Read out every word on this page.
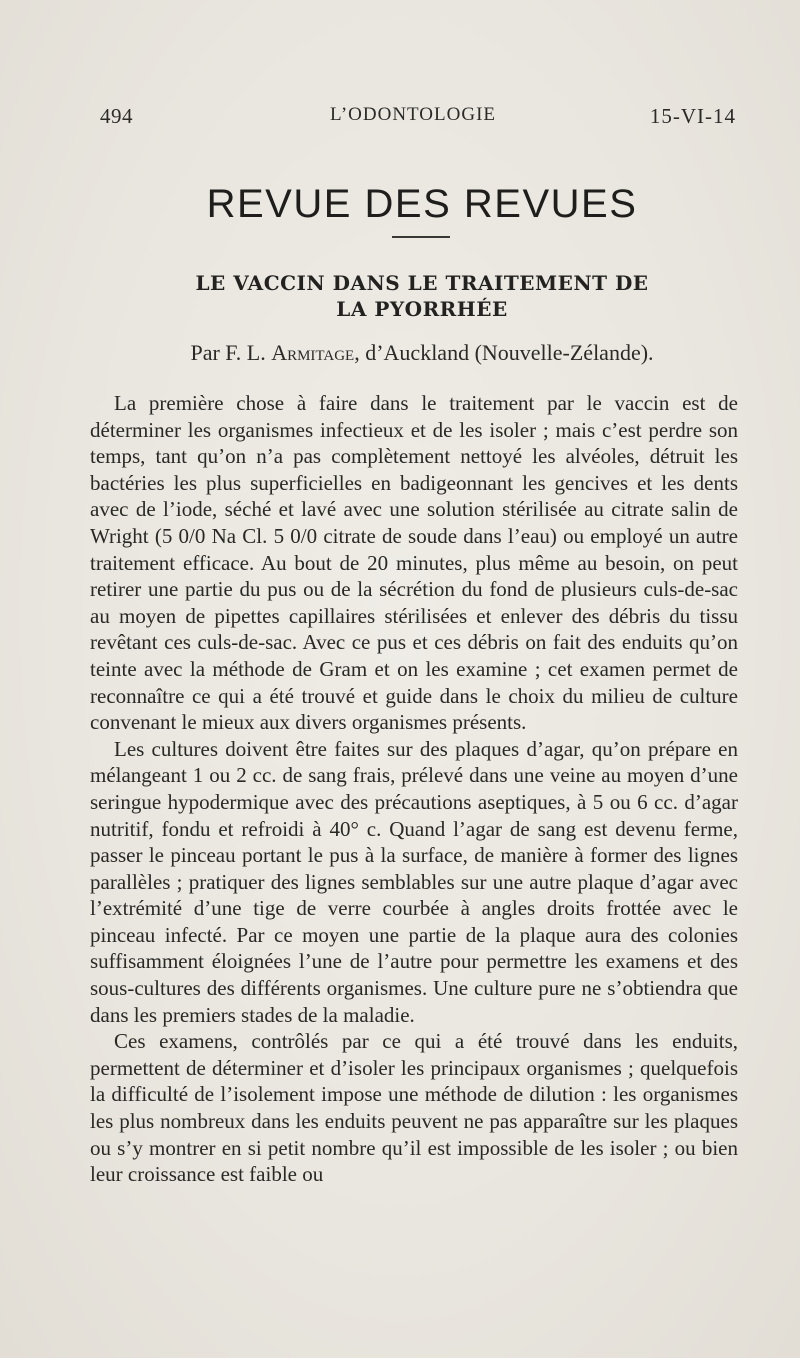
494	L’ODONTOLOGIE	15-VI-14
REVUE DES REVUES
LE VACCIN DANS LE TRAITEMENT DE
LA PYORRHÉE
Par F. L. Armitage, d’Auckland (Nouvelle-Zélande).

La première chose à faire dans le traitement par le vaccin est de déterminer les organismes infectieux et de les isoler ; mais c’est perdre son temps, tant qu’on n’a pas complètement nettoyé les alvéoles, détruit les bactéries les plus superficielles en badigeonnant les gencives et les dents avec de l’iode, séché et lavé avec une solution stérilisée au citrate salin de Wright (5 0/0 Na Cl. 5 0/0 citrate de soude dans l’eau) ou employé un autre traitement efficace. Au bout de 20 minutes, plus même au besoin, on peut retirer une partie du pus ou de la sécrétion du fond de plusieurs culs-de-sac au moyen de pipettes capillaires stérilisées et enlever des débris du tissu revêtant ces culs-de-sac. Avec ce pus et ces débris on fait des enduits qu’on teinte avec la méthode de Gram et on les examine ; cet examen permet de reconnaître ce qui a été trouvé et guide dans le choix du milieu de culture convenant le mieux aux divers organismes présents.

Les cultures doivent être faites sur des plaques d’agar, qu’on prépare en mélangeant 1 ou 2 cc. de sang frais, prélevé dans une veine au moyen d’une seringue hypodermique avec des précautions aseptiques, à 5 ou 6 cc. d’agar nutritif, fondu et refroidi à 40° c. Quand l’agar de sang est devenu ferme, passer le pinceau portant le pus à la surface, de manière à former des lignes parallèles ; pratiquer des lignes semblables sur une autre plaque d’agar avec l’extrémité d’une tige de verre courbée à angles droits frottée avec le pinceau infecté. Par ce moyen une partie de la plaque aura des colonies suffisamment éloignées l’une de l’autre pour permettre les examens et des sous-cultures des différents organismes. Une culture pure ne s’obtiendra que dans les premiers stades de la maladie.

Ces examens, contrôlés par ce qui a été trouvé dans les enduits, permettent de déterminer et d’isoler les principaux organismes ; quelquefois la difficulté de l’isolement impose une méthode de dilution : les organismes les plus nombreux dans les enduits peuvent ne pas apparaître sur les plaques ou s’y montrer en si petit nombre qu’il est impossible de les isoler ; ou bien leur croissance est faible ou
